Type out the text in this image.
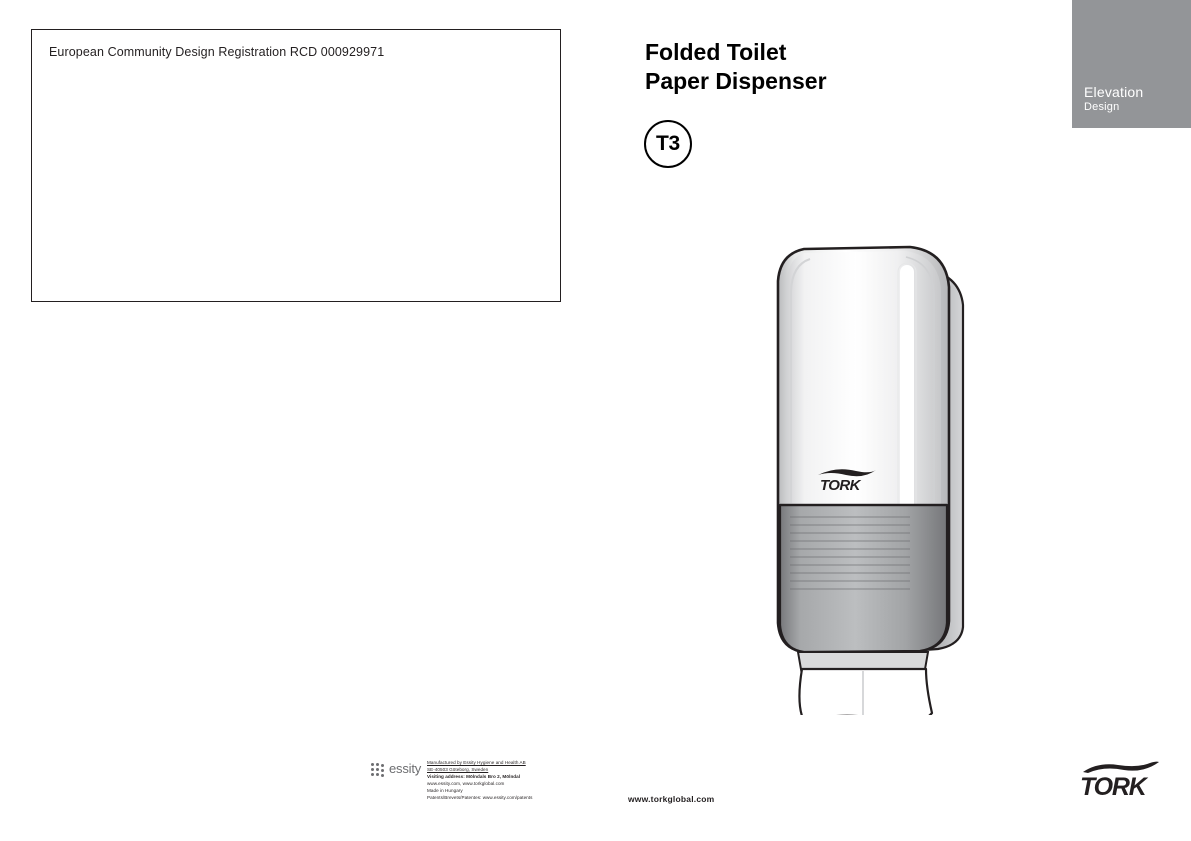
European Community Design Registration RCD 000929971	Folded Toilet
Paper Dispenser
T3
Elevation
Design
TORK
essity Manufactured by Essity Hygiene and Health AB
SE-40503 Göteborg, Sweden
Visiting address: Mölndals Bro 2, Mölndal
www.essity.com, www.torkglobal.com
Made in Hungary
Patents/Brevets/Patentes: www.essity.com/patents	www.torkglobal.com	TORK
